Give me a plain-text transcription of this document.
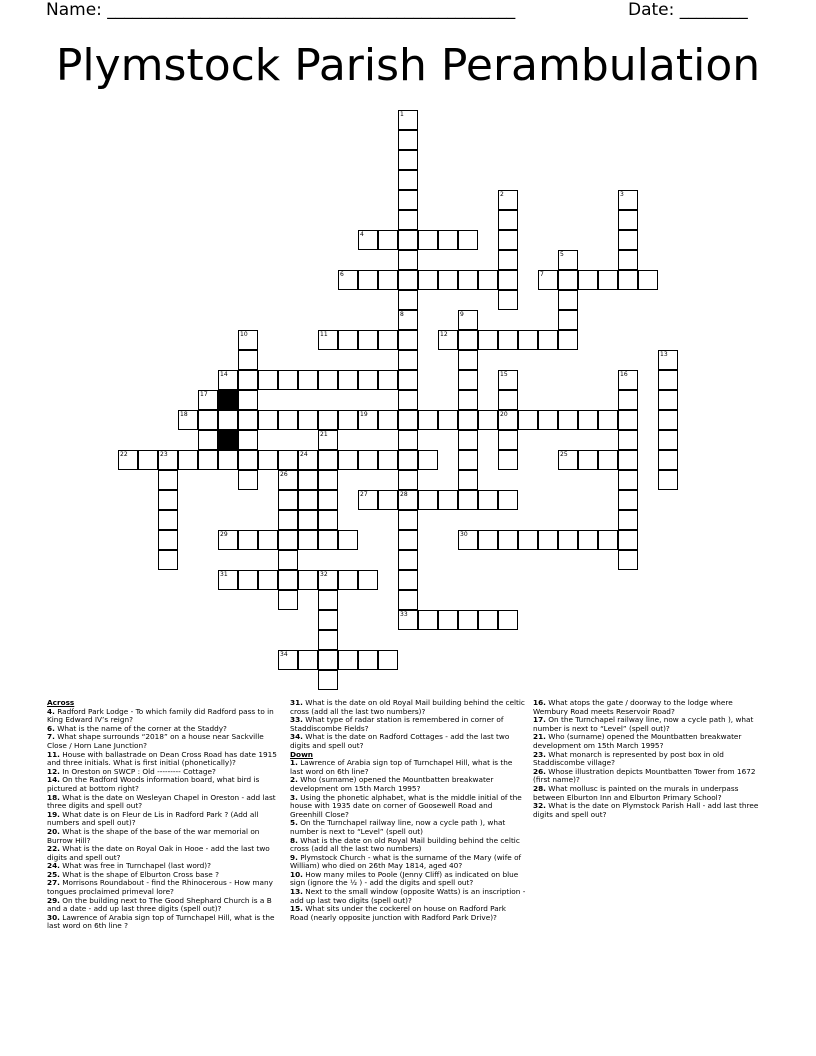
Name: ________________________________________________	Date: ________
Plymstock Parish Perambulation
4
6	7
11	12
14
18	19	20
22	23	24	25
27	28
29	30
31	32
33
34
1
8
2	3
5
9
10
13
15	16
17
21
26
Across
4. Radford Park Lodge - To which family did Radford pass to in King Edward IV’s reign?
6. What is the name of the corner at the Staddy?
7. What shape surrounds “2018” on a house near Sackville Close / Horn Lane Junction?
11. House with ballastrade on Dean Cross Road has date 1915 and three initials. What is first initial (phonetically)?
12. In Oreston on SWCP : Old --------- Cottage?
14. On the Radford Woods information board, what bird is pictured at bottom right?
18. What is the date on Wesleyan Chapel in Oreston - add last three digits and spell out?
19. What date is on Fleur de Lis in Radford Park ? (Add all numbers and spell out)?
20. What is the shape of the base of the war memorial on Burrow Hill?
22. What is the date on Royal Oak in Hooe - add the last two digits and spell out?
24. What was free in Turnchapel (last word)?
25. What is the shape of Elburton Cross base ?
27. Morrisons Roundabout - find the Rhinocerous - How many tongues proclaimed primeval lore?
29. On the building next to The Good Shephard Church is a B and a date - add up last three digits (spell out)?
30. Lawrence of Arabia sign top of Turnchapel Hill, what is the last word on 6th line ?
31. What is the date on old Royal Mail building behind the celtic cross (add all the last two numbers)?
33. What type of radar station is remembered in corner of Staddiscombe Fields?
34. What is the date on Radford Cottages - add the last two digits and spell out?
Down
1. Lawrence of Arabia sign top of Turnchapel Hill, what is the last word on 6th line?
2. Who (surname) opened the Mountbatten breakwater development om 15th March 1995?
3. Using the phonetic alphabet, what is the middle initial of the house with 1935 date on corner of Goosewell Road and Greenhill Close?
5. On the Turnchapel railway line, now a cycle path ), what number is next to “Level” (spell out)
8. What is the date on old Royal Mail building behind the celtic cross (add all the last two numbers)
9. Plymstock Church - what is the surname of the Mary (wife of William) who died on 26th May 1814, aged 40?
10. How many miles to Poole (Jenny Cliff) as indicated on blue sign (ignore the ½ ) - add the digits and spell out?
13. Next to the small window (opposite Watts) is an inscription - add up last two digits (spell out)?
15. What sits under the cockerel on house on Radford Park Road (nearly opposite junction with Radford Park Drive)?
16. What atops the gate / doorway to the lodge where Wembury Road meets Reservoir Road?
17. On the Turnchapel railway line, now a cycle path ), what number is next to “Level” (spell out)?
21. Who (surname) opened the Mountbatten breakwater development om 15th March 1995?
23. What monarch is represented by post box in old Staddiscombe village?
26. Whose illustration depicts Mountbatten Tower from 1672 (first name)?
28. What mollusc is painted on the murals in underpass between Elburton Inn and Elburton Primary School?
32. What is the date on Plymstock Parish Hall - add last three digits and spell out?
